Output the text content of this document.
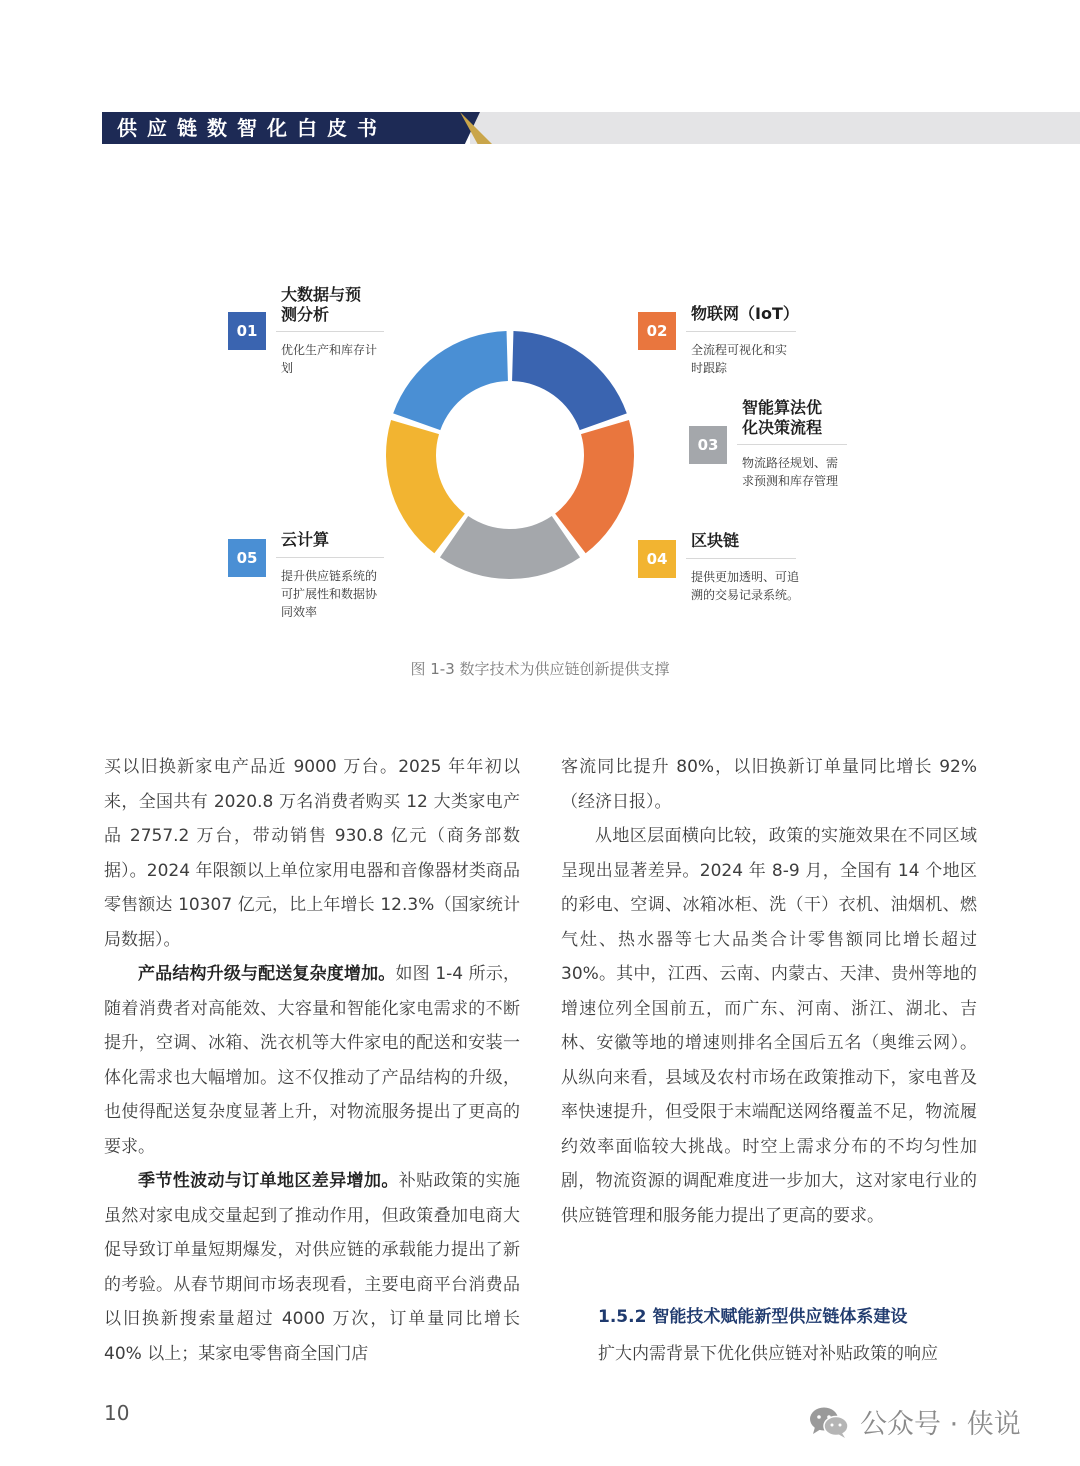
供应链数智化白皮书
01

大数据与预

测分析

优化生产和库存计

划

02

物联网（IoT）

全流程可视化和实

时跟踪

03

智能算法优

化决策流程

物流路径规划、需

求预测和库存管理

04

区块链

提供更加透明、可追

溯的交易记录系统。

05

云计算

提升供应链系统的

可扩展性和数据协

同效率

图 1-3 数字技术为供应链创新提供支撑

买以旧换新家电产品近 9000 万台。2025 年年初以来，全国共有 2020.8 万名消费者购买 12 大类家电产品 2757.2 万台，带动销售 930.8 亿元（商务部数据）。2024 年限额以上单位家用电器和音像器材类商品零售额达 10307 亿元，比上年增长 12.3%（国家统计局数据）。

产品结构升级与配送复杂度增加。如图 1-4 所示，随着消费者对高能效、大容量和智能化家电需求的不断提升，空调、冰箱、洗衣机等大件家电的配送和安装一体化需求也大幅增加。这不仅推动了产品结构的升级，也使得配送复杂度显著上升，对物流服务提出了更高的要求。

季节性波动与订单地区差异增加。补贴政策的实施虽然对家电成交量起到了推动作用，但政策叠加电商大促导致订单量短期爆发，对供应链的承载能力提出了新的考验。从春节期间市场表现看，主要电商平台消费品以旧换新搜索量超过 4000 万次，订单量同比增长 40% 以上；某家电零售商全国门店

客流同比提升 80%，以旧换新订单量同比增长 92%（经济日报）。

从地区层面横向比较，政策的实施效果在不同区域呈现出显著差异。2024 年 8-9 月，全国有 14 个地区的彩电、空调、冰箱冰柜、洗（干）衣机、油烟机、燃气灶、热水器等七大品类合计零售额同比增长超过 30%。其中，江西、云南、内蒙古、天津、贵州等地的增速位列全国前五，而广东、河南、浙江、湖北、吉林、安徽等地的增速则排名全国后五名（奥维云网）。从纵向来看，县域及农村市场在政策推动下，家电普及率快速提升，但受限于末端配送网络覆盖不足，物流履约效率面临较大挑战。时空上需求分布的不均匀性加剧，物流资源的调配难度进一步加大，这对家电行业的供应链管理和服务能力提出了更高的要求。

1.5.2 智能技术赋能新型供应链体系建设

扩大内需背景下优化供应链对补贴政策的响应

10	公众号 · 侠说
